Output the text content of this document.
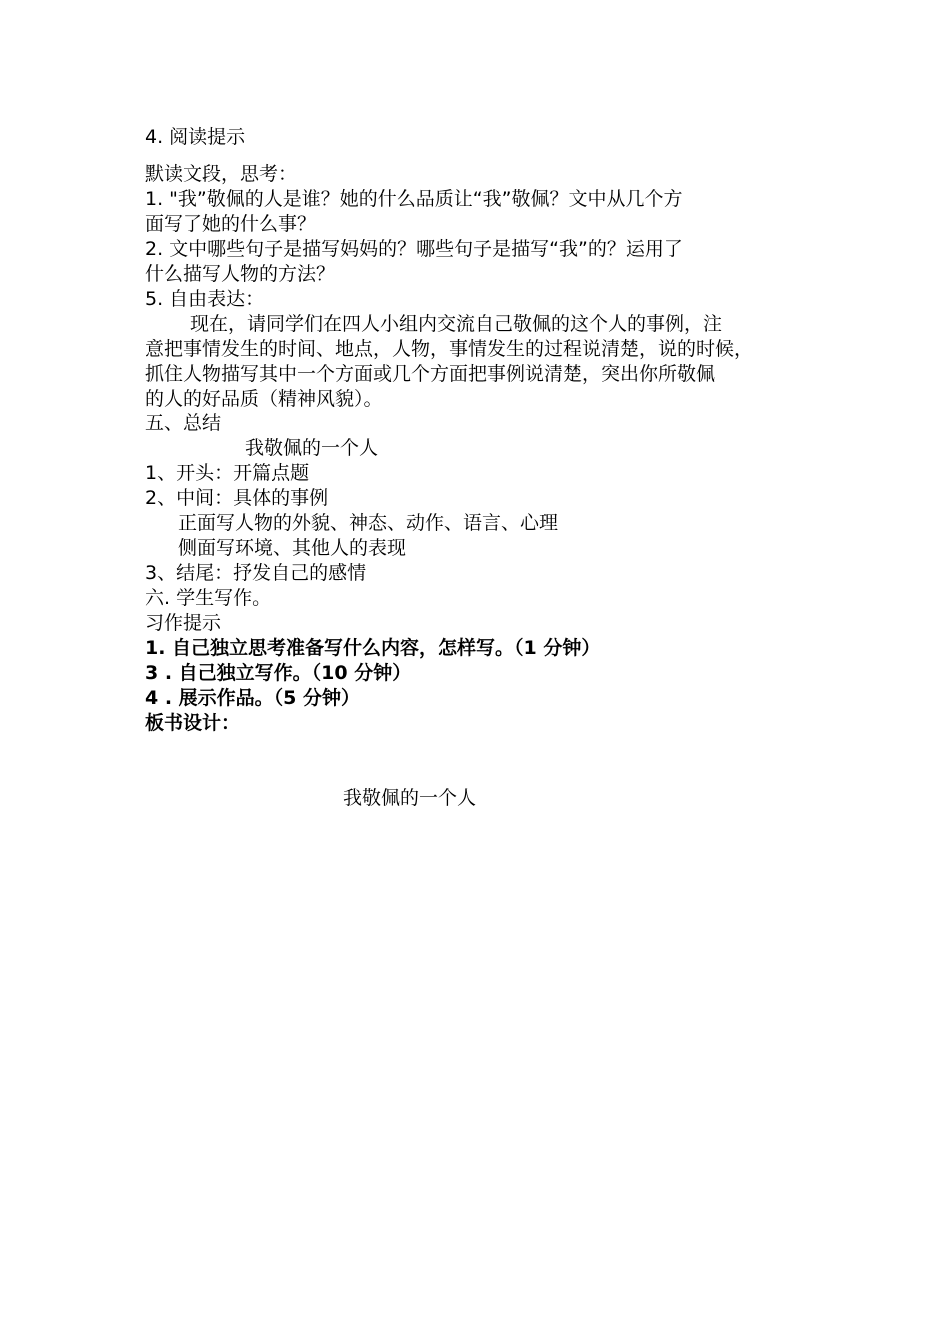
4. 阅读提示
默读文段，思考：
1. "我”敬佩的人是谁？她的什么品质让“我”敬佩？文中从几个方
面写了她的什么事？
2. 文中哪些句子是描写妈妈的？哪些句子是描写“我”的？运用了
什么描写人物的方法？
5. 自由表达：
现在，请同学们在四人小组内交流自己敬佩的这个人的事例，注
意把事情发生的时间、地点，人物，事情发生的过程说清楚，说的时候，
抓住人物描写其中一个方面或几个方面把事例说清楚，突出你所敬佩
的人的好品质（精神风貌）。
五、总结
我敬佩的一个人
1、开头：开篇点题
2、中间：具体的事例
正面写人物的外貌、神态、动作、语言、心理
侧面写环境、其他人的表现
3、结尾：抒发自己的感情
六. 学生写作。
习作提示
1. 自己独立思考准备写什么内容，怎样写。（1 分钟）
3 . 自己独立写作。（10 分钟）
4 . 展示作品。（5 分钟）
板书设计：
我敬佩的一个人
